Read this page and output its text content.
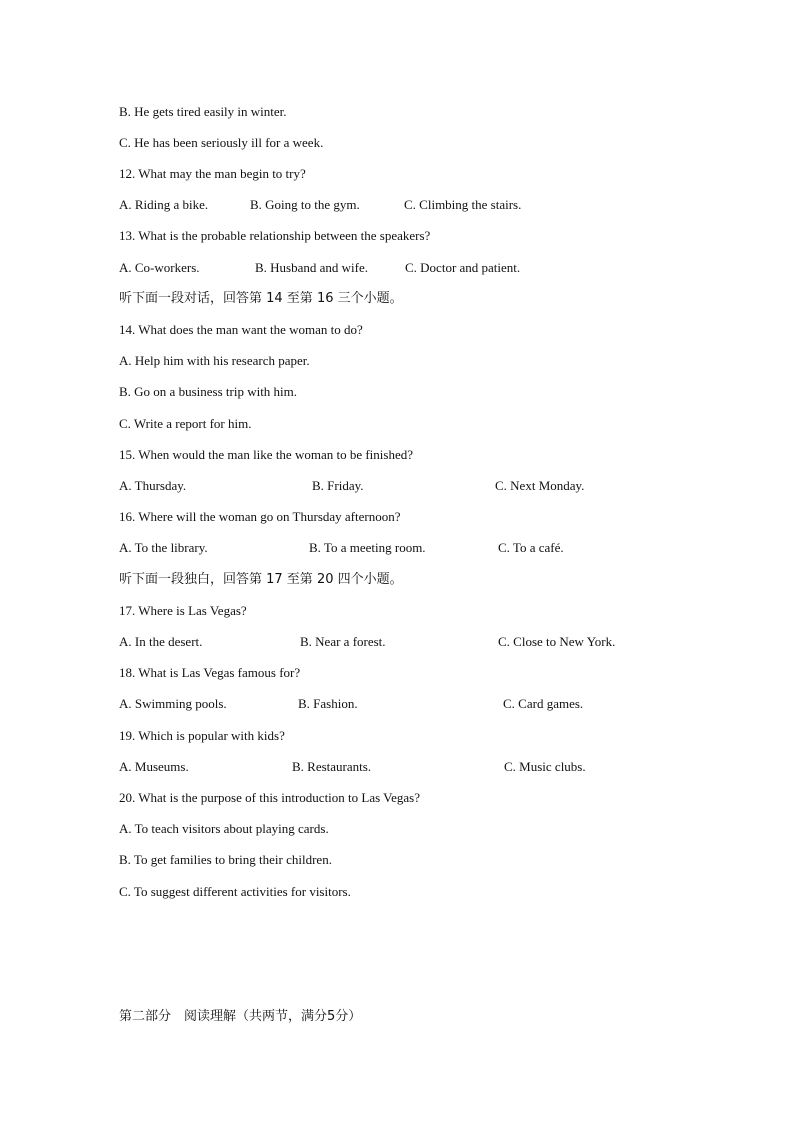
B. He gets tired easily in winter.
C. He has been seriously ill for a week.
12. What may the man begin to try?
A. Riding a bike.	B. Going to the gym.	C. Climbing the stairs.
13. What is the probable relationship between the speakers?
A. Co-workers.	B. Husband and wife.	C. Doctor and patient.
听下面一段对话，回答第 14 至第 16 三个小题。
14. What does the man want the woman to do?
A. Help him with his research paper.
B. Go on a business trip with him.
C. Write a report for him.
15. When would the man like the woman to be finished?
A. Thursday.	B. Friday.	C. Next Monday.
16. Where will the woman go on Thursday afternoon?
A. To the library.	B. To a meeting room.	C. To a café.
听下面一段独白，回答第 17 至第 20 四个小题。
17. Where is Las Vegas?
A. In the desert.	B. Near a forest.	C. Close to New York.
18. What is Las Vegas famous for?
A. Swimming pools.	B. Fashion.	C. Card games.
19. Which is popular with kids?
A. Museums.	B. Restaurants.	C. Music clubs.
20. What is the purpose of this introduction to Las Vegas?
A. To teach visitors about playing cards.
B. To get families to bring their children.
C. To suggest different activities for visitors.
第二部分　阅读理解（共两节，满分5分）
